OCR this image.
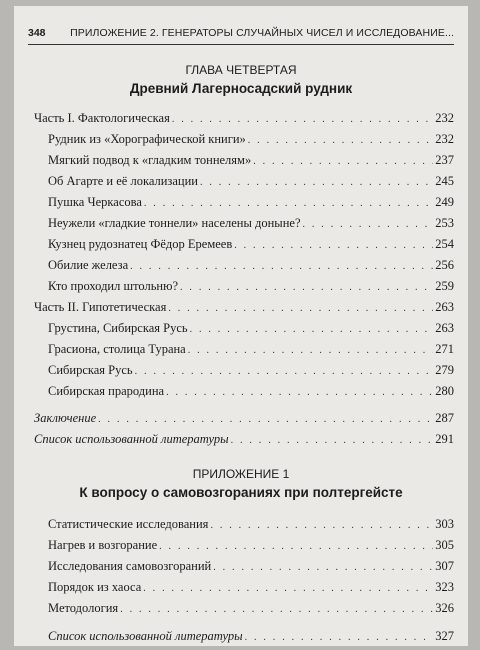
348 ПРИЛОЖЕНИЕ 2. ГЕНЕРАТОРЫ СЛУЧАЙНЫХ ЧИСЕЛ И ИССЛЕДОВАНИЕ...
ГЛАВА ЧЕТВЕРТАЯ
Древний Лагерносадский рудник
Часть I. Фактологическая . . .	232
Рудник из «Хорографической книги» . . .	232
Мягкий подвод к «гладким тоннелям» . . .	237
Об Агарте и её локализации . . .	245
Пушка Черкасова . . .	249
Неужели «гладкие тоннели» населены доныне? . . .	253
Кузнец рудознатец Фёдор Еремеев . . .	254
Обилие железа . . .	256
Кто проходил штольню? . . .	259
Часть II. Гипотетическая . . .	263
Грустина, Сибирская Русь . . .	263
Грасиона, столица Турана . . .	271
Сибирская Русь . . .	279
Сибирская прародина . . .	280
Заключение . . .	287
Список использованной литературы . . .	291
ПРИЛОЖЕНИЕ 1
К вопросу о самовозгораниях при полтергейсте
Статистические исследования . . .	303
Нагрев и возгорание . . .	305
Исследования самовозгораний . . .	307
Порядок из хаоса . . .	323
Методология . . .	326
Список использованной литературы . . .	327
